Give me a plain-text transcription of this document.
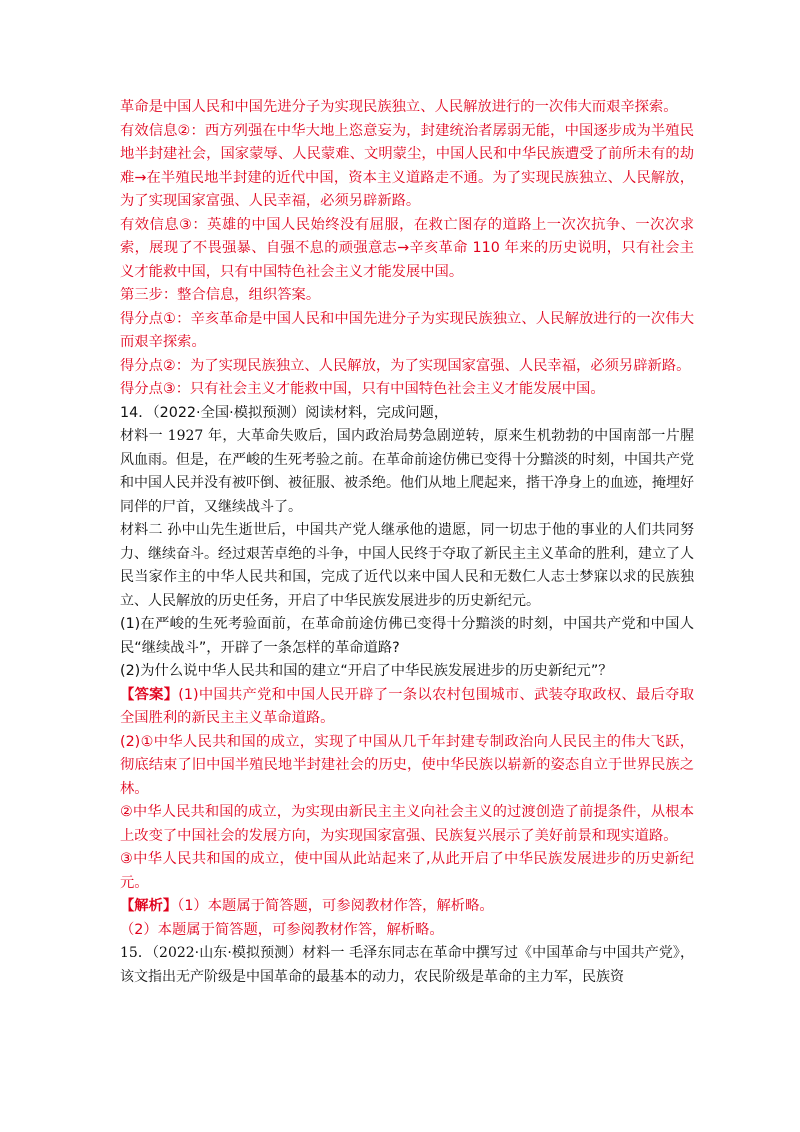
革命是中国人民和中国先进分子为实现民族独立、人民解放进行的一次伟大而艰辛探索。

有效信息②：西方列强在中华大地上恣意妄为，封建统治者孱弱无能，中国逐步成为半殖民地半封建社会，国家蒙辱、人民蒙难、文明蒙尘，中国人民和中华民族遭受了前所未有的劫难→在半殖民地半封建的近代中国，资本主义道路走不通。为了实现民族独立、人民解放，为了实现国家富强、人民幸福，必须另辟新路。

有效信息③：英雄的中国人民始终没有屈服，在救亡图存的道路上一次次抗争、一次次求索，展现了不畏强暴、自强不息的顽强意志→辛亥革命 110 年来的历史说明，只有社会主义才能救中国，只有中国特色社会主义才能发展中国。

第三步：整合信息，组织答案。

得分点①：辛亥革命是中国人民和中国先进分子为实现民族独立、人民解放进行的一次伟大而艰辛探索。

得分点②：为了实现民族独立、人民解放，为了实现国家富强、人民幸福，必须另辟新路。

得分点③：只有社会主义才能救中国，只有中国特色社会主义才能发展中国。

14．（2022·全国·模拟预测）阅读材料，完成问题，

材料一 1927 年，大革命失败后，国内政治局势急剧逆转，原来生机勃勃的中国南部一片腥风血雨。但是，在严峻的生死考验之前。在革命前途仿佛已变得十分黯淡的时刻，中国共产党和中国人民并没有被吓倒、被征服、被杀绝。他们从地上爬起来，揩干净身上的血迹，掩埋好同伴的尸首，又继续战斗了。

材料二 孙中山先生逝世后，中国共产党人继承他的遗愿，同一切忠于他的事业的人们共同努力、继续奋斗。经过艰苦卓绝的斗争，中国人民终于夺取了新民主主义革命的胜利，建立了人民当家作主的中华人民共和国，完成了近代以来中国人民和无数仁人志士梦寐以求的民族独立、人民解放的历史任务，开启了中华民族发展进步的历史新纪元。

(1)在严峻的生死考验面前，在革命前途仿佛已变得十分黯淡的时刻，中国共产党和中国人民“继续战斗”，开辟了一条怎样的革命道路?

(2)为什么说中华人民共和国的建立“开启了中华民族发展进步的历史新纪元”？

【答案】(1)中国共产党和中国人民开辟了一条以农村包围城市、武装夺取政权、最后夺取全国胜利的新民主主义革命道路。

(2)①中华人民共和国的成立，实现了中国从几千年封建专制政治向人民民主的伟大飞跃，彻底结束了旧中国半殖民地半封建社会的历史，使中华民族以崭新的姿态自立于世界民族之林。

②中华人民共和国的成立，为实现由新民主主义向社会主义的过渡创造了前提条件，从根本上改变了中国社会的发展方向，为实现国家富强、民族复兴展示了美好前景和现实道路。

③中华人民共和国的成立，使中国从此站起来了,从此开启了中华民族发展进步的历史新纪元。

【解析】（1）本题属于简答题，可参阅教材作答，解析略。

（2）本题属于简答题，可参阅教材作答，解析略。

15．（2022·山东·模拟预测）材料一 毛泽东同志在革命中撰写过《中国革命与中国共产党》，该文指出无产阶级是中国革命的最基本的动力，农民阶级是革命的主力军，民族资
